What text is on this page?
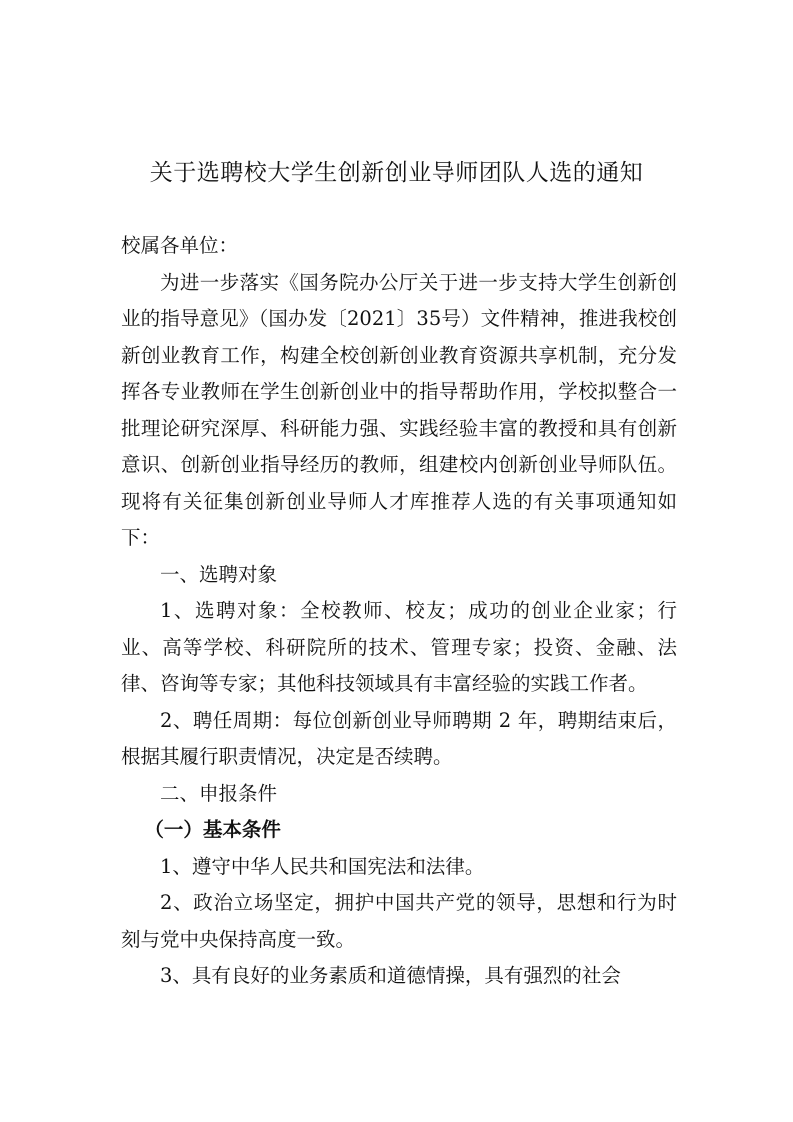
关于选聘校大学生创新创业导师团队人选的通知

校属各单位：

为进一步落实《国务院办公厅关于进一步支持大学生创新创业的指导意见》（国办发〔2021〕35号）文件精神，推进我校创新创业教育工作，构建全校创新创业教育资源共享机制，充分发挥各专业教师在学生创新创业中的指导帮助作用，学校拟整合一批理论研究深厚、科研能力强、实践经验丰富的教授和具有创新意识、创新创业指导经历的教师，组建校内创新创业导师队伍。现将有关征集创新创业导师人才库推荐人选的有关事项通知如下：

一、选聘对象

1、选聘对象：全校教师、校友；成功的创业企业家；行业、高等学校、科研院所的技术、管理专家；投资、金融、法律、咨询等专家；其他科技领域具有丰富经验的实践工作者。

2、聘任周期：每位创新创业导师聘期 2 年，聘期结束后，根据其履行职责情况，决定是否续聘。

二、申报条件

（一）基本条件

1、遵守中华人民共和国宪法和法律。

2、政治立场坚定，拥护中国共产党的领导，思想和行为时刻与党中央保持高度一致。

3、具有良好的业务素质和道德情操，具有强烈的社会
